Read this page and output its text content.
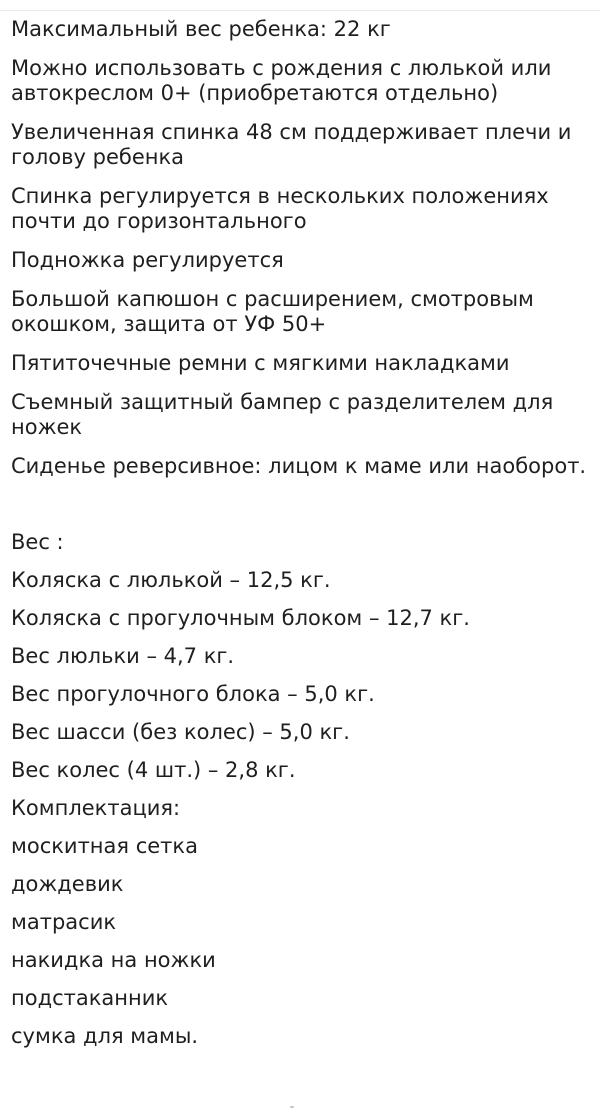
Максимальный вес ребенка: 22 кг
Можно использовать с рождения с люлькой или автокреслом 0+ (приобретаются отдельно)
Увеличенная спинка 48 см поддерживает плечи и голову ребенка
Спинка регулируется в нескольких положениях почти до горизонтального
Подножка регулируется
Большой капюшон с расширением, смотровым окошком, защита от УФ 50+
Пятиточечные ремни с мягкими накладками
Съемный защитный бампер с разделителем для ножек
Сиденье реверсивное: лицом к маме или наоборот.
Вес :
Коляска с люлькой – 12,5 кг.
Коляска с прогулочным блоком – 12,7 кг.
Вес люльки – 4,7 кг.
Вес прогулочного блока – 5,0 кг.
Вес шасси (без колес) – 5,0 кг.
Вес колес (4 шт.) – 2,8 кг.
Комплектация:
москитная сетка
дождевик
матрасик
накидка на ножки
подстаканник
сумка для мамы.
